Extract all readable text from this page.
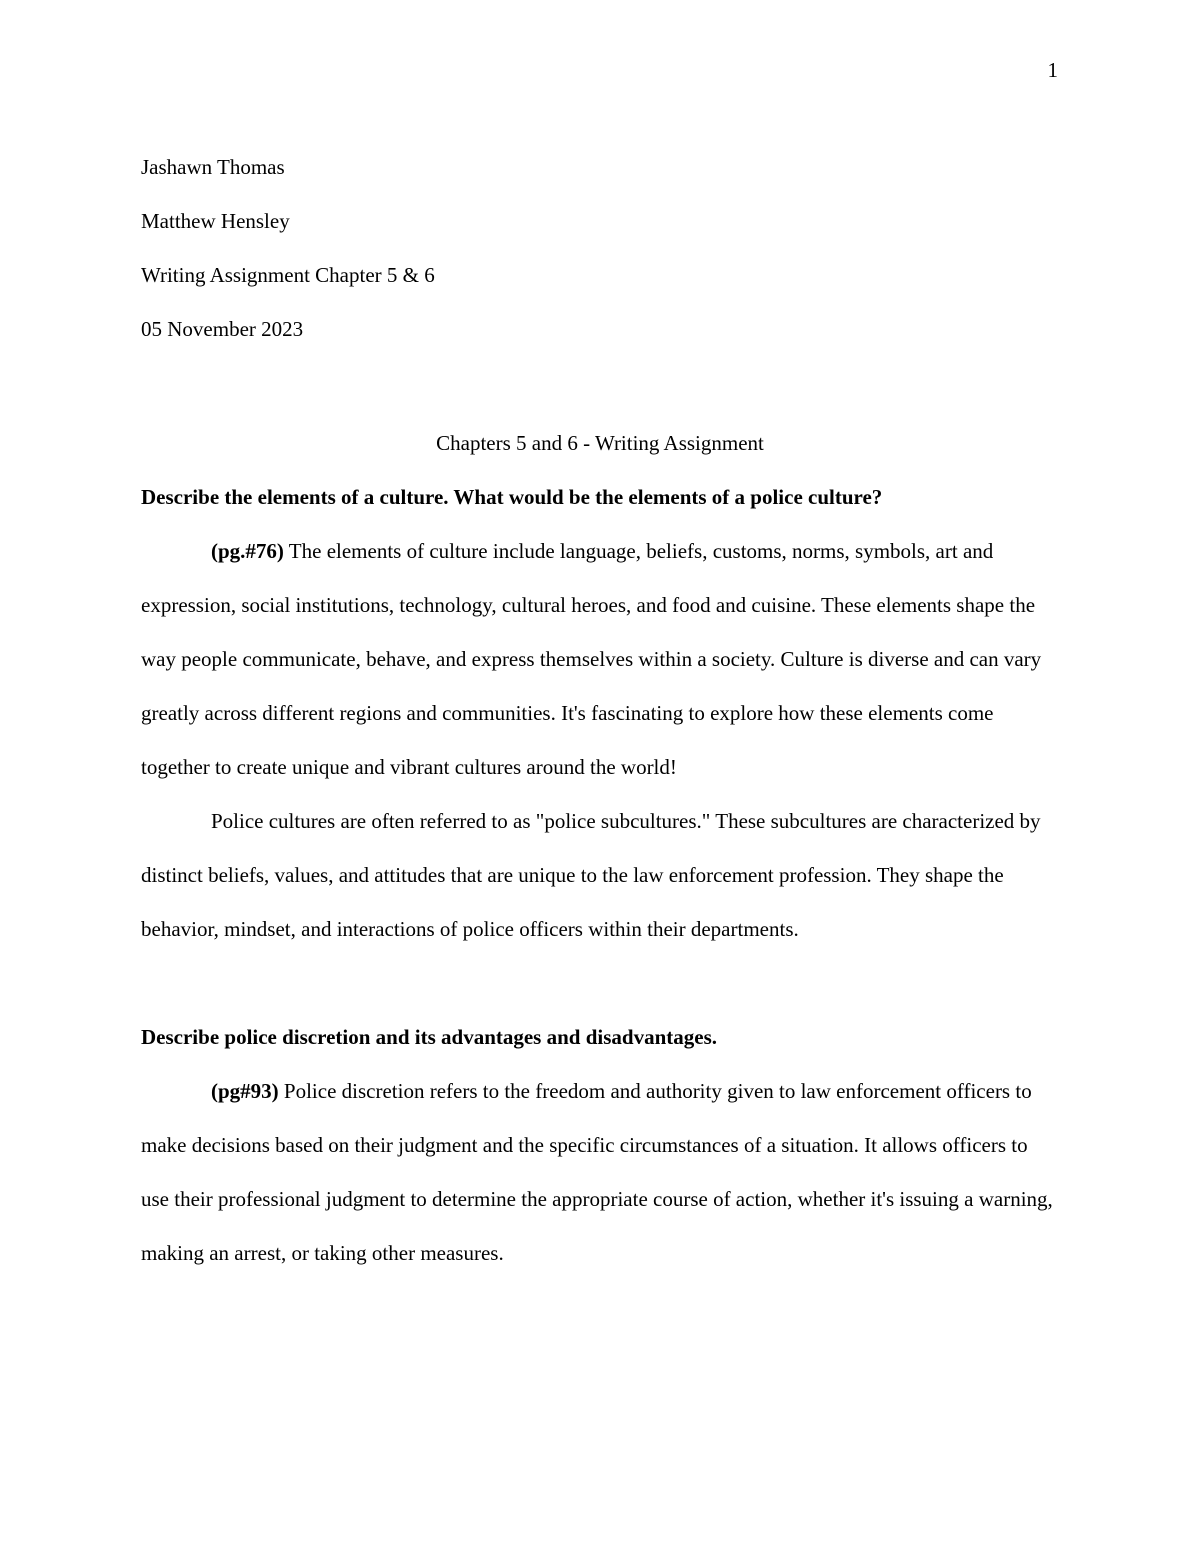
1

Jashawn Thomas

Matthew Hensley

Writing Assignment Chapter 5 & 6

05 November 2023

Chapters 5 and 6 - Writing Assignment

Describe the elements of a culture. What would be the elements of a police culture?

(pg.#76) The elements of culture include language, beliefs, customs, norms, symbols, art and expression, social institutions, technology, cultural heroes, and food and cuisine. These elements shape the way people communicate, behave, and express themselves within a society. Culture is diverse and can vary greatly across different regions and communities. It's fascinating to explore how these elements come together to create unique and vibrant cultures around the world!

Police cultures are often referred to as "police subcultures." These subcultures are characterized by distinct beliefs, values, and attitudes that are unique to the law enforcement profession. They shape the behavior, mindset, and interactions of police officers within their departments.

Describe police discretion and its advantages and disadvantages.

(pg#93) Police discretion refers to the freedom and authority given to law enforcement officers to make decisions based on their judgment and the specific circumstances of a situation. It allows officers to use their professional judgment to determine the appropriate course of action, whether it's issuing a warning, making an arrest, or taking other measures.
